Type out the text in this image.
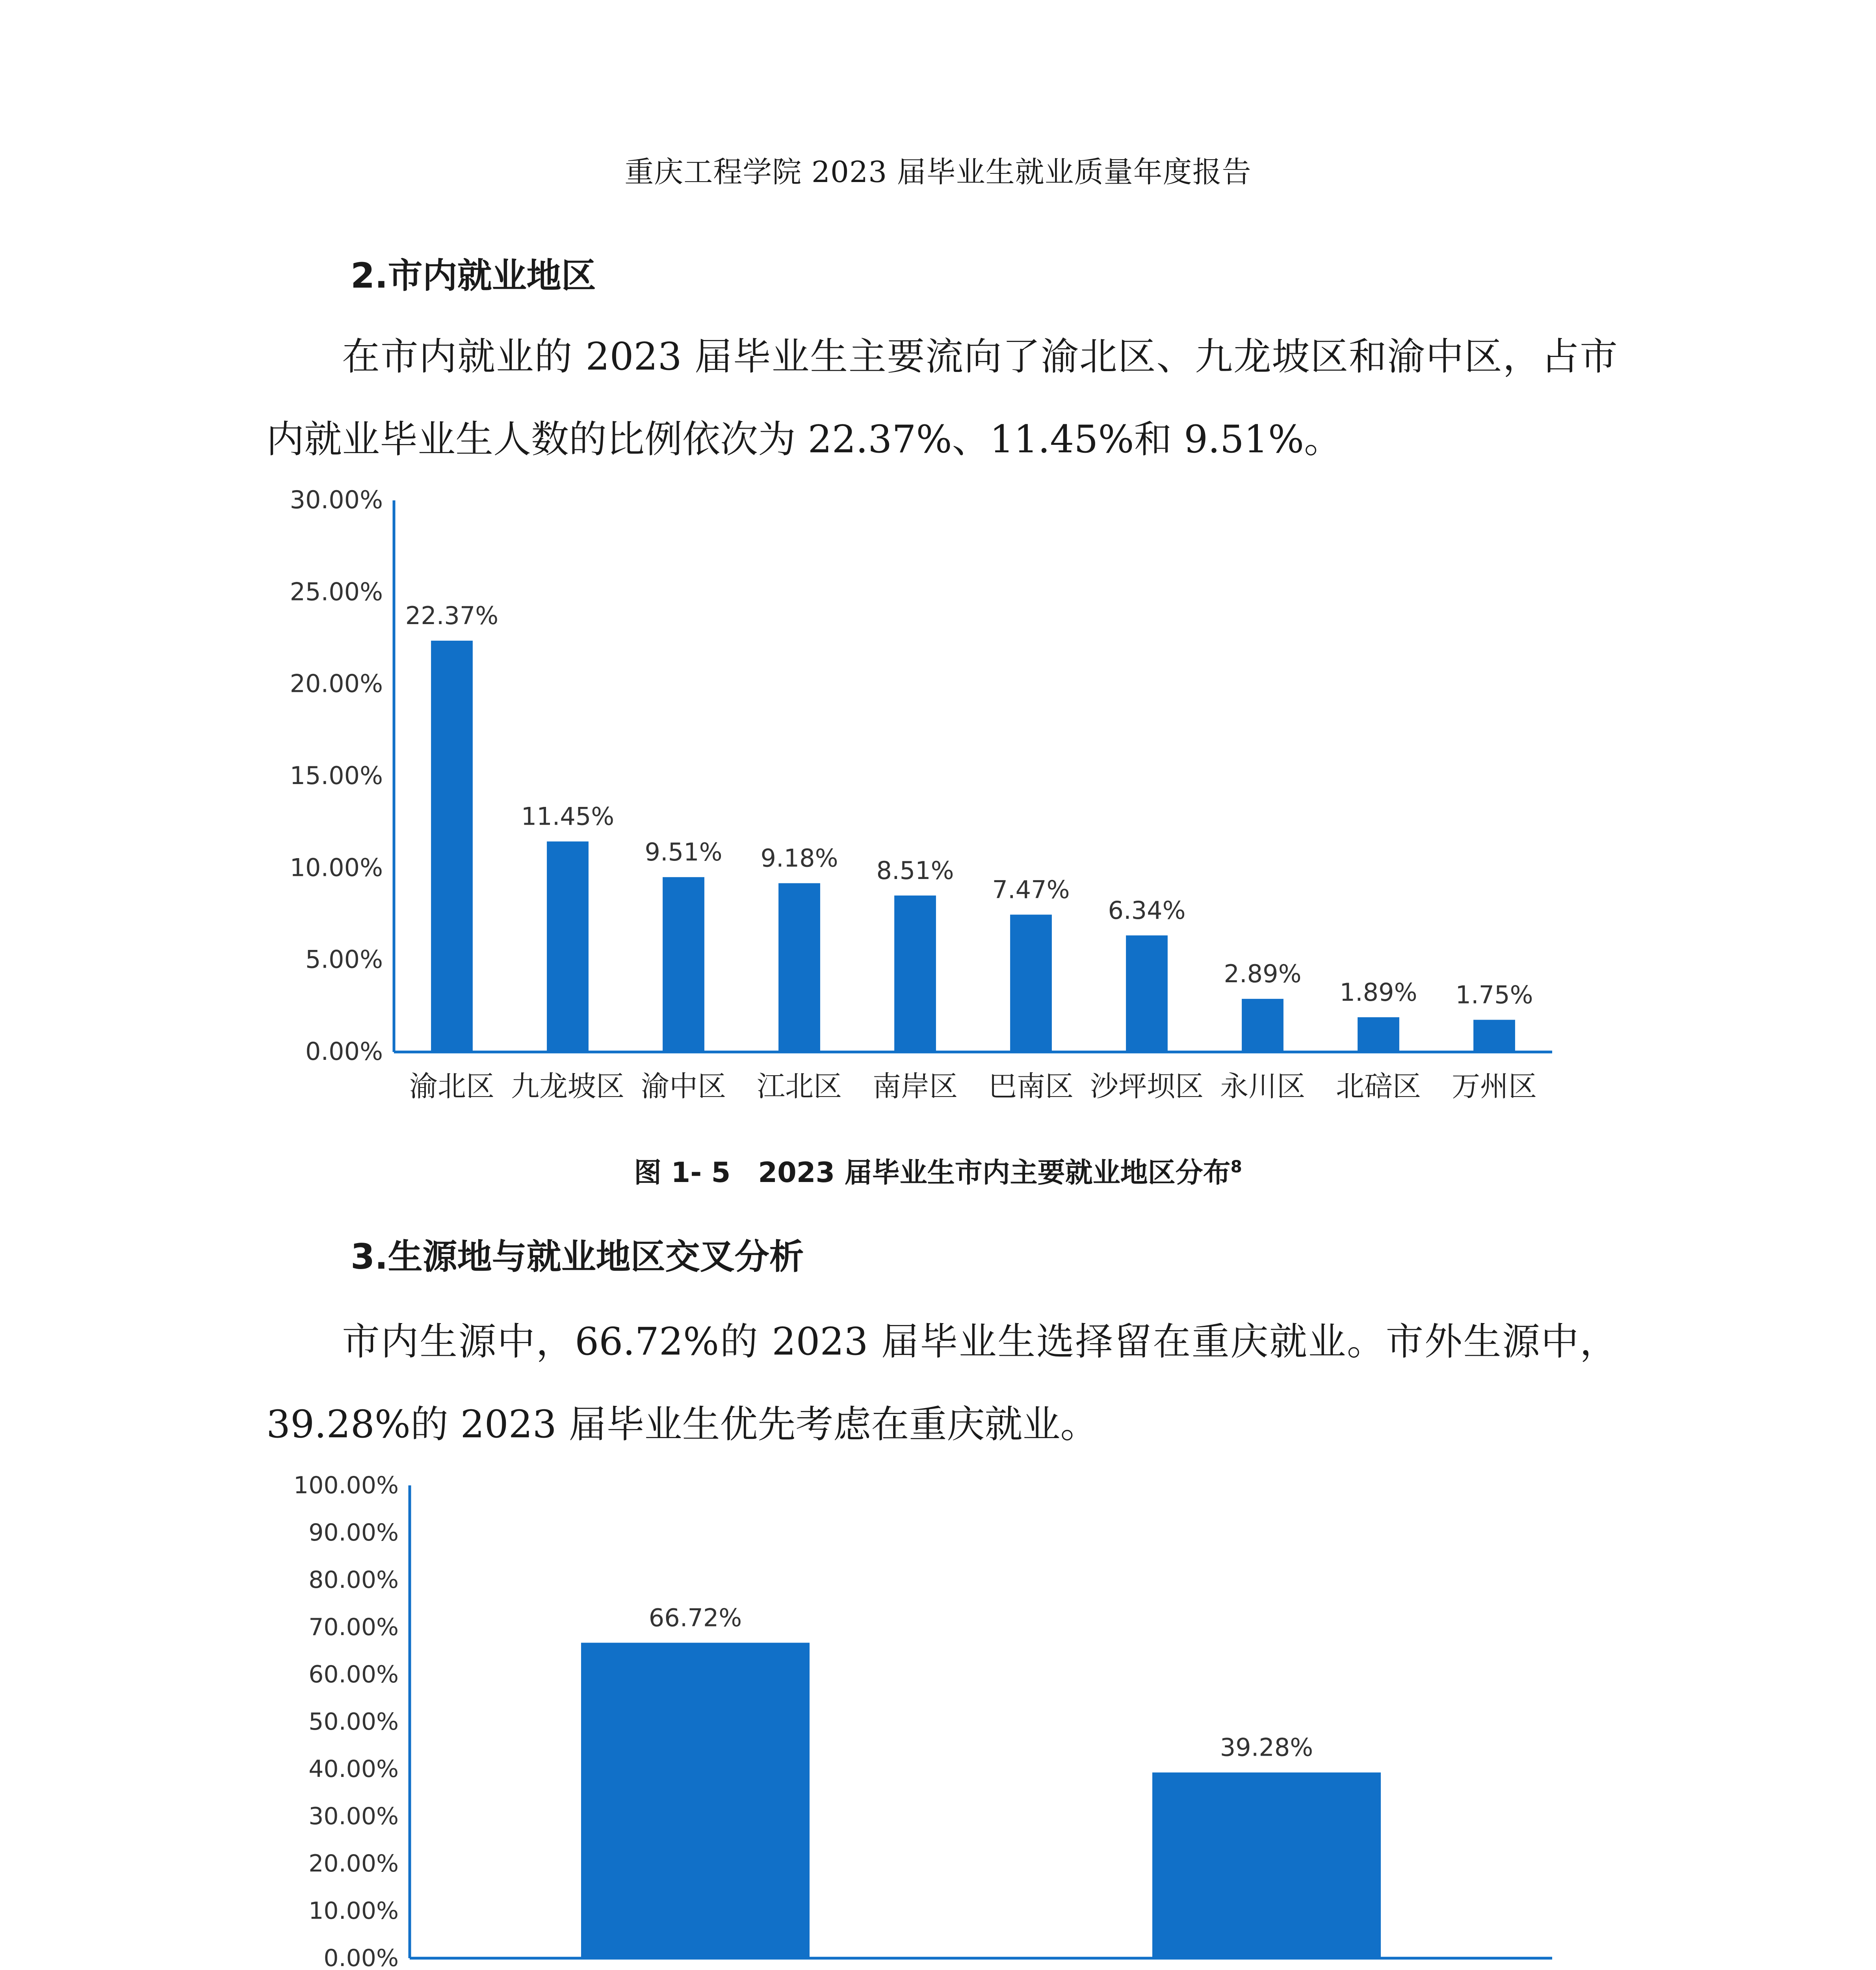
重庆工程学院 2023 届毕业生就业质量年度报告
2.市内就业地区
在市内就业的 2023 届毕业生主要流向了渝北区、九龙坡区和渝中区，占市内就业毕业生人数的比例依次为 22.37%、11.45%和 9.51%。
0.00%
5.00%
10.00%
15.00%
20.00%
25.00%
30.00%
22.37%
渝北区
11.45%
九龙坡区
9.51%
渝中区
9.18%
江北区
8.51%
南岸区
7.47%
巴南区
6.34%
沙坪坝区
2.89%
永川区
1.89%
北碚区
1.75%
万州区
图 1- 5　2023 届毕业生市内主要就业地区分布$^8$
3.生源地与就业地区交叉分析
市内生源中，66.72%的 2023 届毕业生选择留在重庆就业。市外生源中，39.28%的 2023 届毕业生优先考虑在重庆就业。
0.00%
10.00%
20.00%
30.00%
40.00%
50.00%
60.00%
70.00%
80.00%
90.00%
100.00%
66.72%
39.28%
